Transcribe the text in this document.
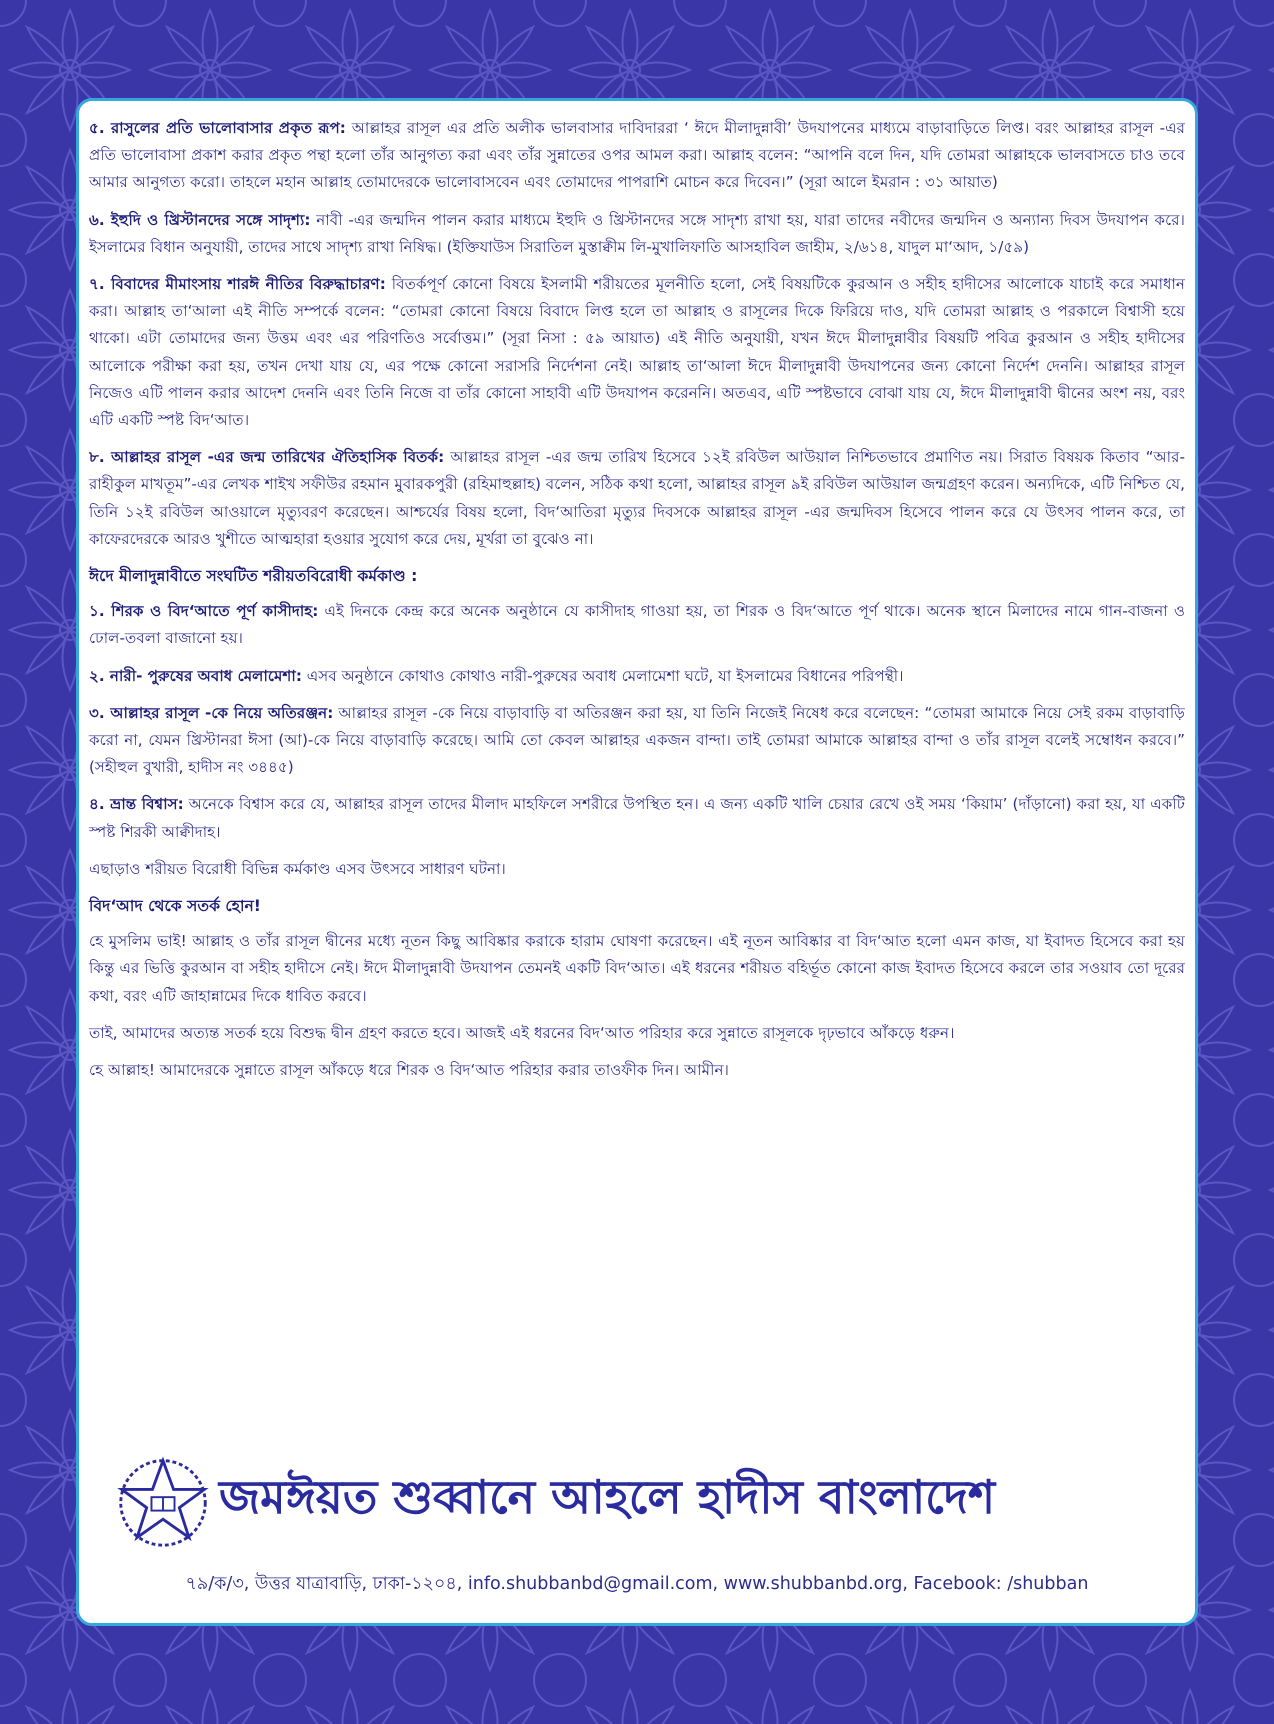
৫. রাসুলের প্রতি ভালোবাসার প্রকৃত রূপ: আল্লাহর রাসূল এর প্রতি অলীক ভালবাসার দাবিদাররা ‘ ঈদে মীলাদুন্নাবী’ উদযাপনের মাধ্যমে বাড়াবাড়িতে লিপ্ত। বরং আল্লাহর রাসূল -এর প্রতি ভালোবাসা প্রকাশ করার প্রকৃত পন্থা হলো তাঁর আনুগত্য করা এবং তাঁর সুন্নাতের ওপর আমল করা। আল্লাহ বলেন: “আপনি বলে দিন, যদি তোমরা আল্লাহকে ভালবাসতে চাও তবে আমার আনুগত্য করো। তাহলে মহান আল্লাহ তোমাদেরকে ভালোবাসবেন এবং তোমাদের পাপরাশি মোচন করে দিবেন।” (সূরা আলে ইমরান : ৩১ আয়াত)

৬. ইহুদি ও খ্রিস্টানদের সঙ্গে সাদৃশ্য: নাবী -এর জন্মদিন পালন করার মাধ্যমে ইহুদি ও খ্রিস্টানদের সঙ্গে সাদৃশ্য রাখা হয়, যারা তাদের নবীদের জন্মদিন ও অন্যান্য দিবস উদযাপন করে। ইসলামের বিধান অনুযায়ী, তাদের সাথে সাদৃশ্য রাখা নিষিদ্ধ। (ইক্তিযাউস সিরাতিল মুস্তাক্বীম লি-মুখালিফাতি আসহাবিল জাহীম, ২/৬১৪, যাদুল মা‘আদ, ১/৫৯)

৭. বিবাদের মীমাংসায় শারঈ নীতির বিরুদ্ধাচারণ: বিতর্কপূর্ণ কোনো বিষয়ে ইসলামী শরীয়তের মূলনীতি হলো, সেই বিষয়টিকে কুরআন ও সহীহ হাদীসের আলোকে যাচাই করে সমাধান করা। আল্লাহ তা‘আলা এই নীতি সম্পর্কে বলেন: “তোমরা কোনো বিষয়ে বিবাদে লিপ্ত হলে তা আল্লাহ ও রাসূলের দিকে ফিরিয়ে দাও, যদি তোমরা আল্লাহ ও পরকালে বিশ্বাসী হয়ে থাকো। এটা তোমাদের জন্য উত্তম এবং এর পরিণতিও সর্বোত্তম।” (সূরা নিসা : ৫৯ আয়াত) এই নীতি অনুযায়ী, যখন ঈদে মীলাদুন্নাবীর বিষয়টি পবিত্র কুরআন ও সহীহ হাদীসের আলোকে পরীক্ষা করা হয়, তখন দেখা যায় যে, এর পক্ষে কোনো সরাসরি নির্দেশনা নেই। আল্লাহ তা‘আলা ঈদে মীলাদুন্নাবী উদযাপনের জন্য কোনো নির্দেশ দেননি। আল্লাহর রাসূল নিজেও এটি পালন করার আদেশ দেননি এবং তিনি নিজে বা তাঁর কোনো সাহাবী এটি উদযাপন করেননি। অতএব, এটি স্পষ্টভাবে বোঝা যায় যে, ঈদে মীলাদুন্নাবী দ্বীনের অংশ নয়, বরং এটি একটি স্পষ্ট বিদ‘আত।

৮. আল্লাহর রাসূল -এর জন্ম তারিখের ঐতিহাসিক বিতর্ক: আল্লাহর রাসূল -এর জন্ম তারিখ হিসেবে ১২ই রবিউল আউয়াল নিশ্চিতভাবে প্রমাণিত নয়। সিরাত বিষয়ক কিতাব “আর-রাহীকুল মাখতূম”-এর লেখক শাইখ সফীউর রহমান মুবারকপুরী (রহিমাহুল্লাহ) বলেন, সঠিক কথা হলো, আল্লাহর রাসূল ৯ই রবিউল আউয়াল জন্মগ্রহণ করেন। অন্যদিকে, এটি নিশ্চিত যে, তিনি ১২ই রবিউল আওয়ালে মৃত্যুবরণ করেছেন। আশ্চর্যের বিষয় হলো, বিদ‘আতিরা মৃত্যুর দিবসকে আল্লাহর রাসূল -এর জন্মদিবস হিসেবে পালন করে যে উৎসব পালন করে, তা কাফেরদেরকে আরও খুশীতে আত্মহারা হওয়ার সুযোগ করে দেয়, মূর্খরা তা বুঝেও না।

ঈদে মীলাদুন্নাবীতে সংঘটিত শরীয়তবিরোধী কর্মকাণ্ড :

১. শিরক ও বিদ‘আতে পূর্ণ কাসীদাহ: এই দিনকে কেন্দ্র করে অনেক অনুষ্ঠানে যে কাসীদাহ গাওয়া হয়, তা শিরক ও বিদ‘আতে পূর্ণ থাকে। অনেক স্থানে মিলাদের নামে গান-বাজনা ও ঢোল-তবলা বাজানো হয়।

২. নারী- পুরুষের অবাধ মেলামেশা: এসব অনুষ্ঠানে কোথাও কোথাও নারী-পুরুষের অবাধ মেলামেশা ঘটে, যা ইসলামের বিধানের পরিপন্থী।

৩. আল্লাহর রাসূল -কে নিয়ে অতিরঞ্জন: আল্লাহর রাসূল -কে নিয়ে বাড়াবাড়ি বা অতিরঞ্জন করা হয়, যা তিনি নিজেই নিষেধ করে বলেছেন: “তোমরা আমাকে নিয়ে সেই রকম বাড়াবাড়ি করো না, যেমন খ্রিস্টানরা ঈসা (আ)-কে নিয়ে বাড়াবাড়ি করেছে। আমি তো কেবল আল্লাহর একজন বান্দা। তাই তোমরা আমাকে আল্লাহর বান্দা ও তাঁর রাসূল বলেই সম্বোধন করবে।” (সহীহুল বুখারী, হাদীস নং ৩৪৪৫)

৪. ভ্রান্ত বিশ্বাস: অনেকে বিশ্বাস করে যে, আল্লাহর রাসূল তাদের মীলাদ মাহফিলে সশরীরে উপস্থিত হন। এ জন্য একটি খালি চেয়ার রেখে ওই সময় ‘কিয়াম’ (দাঁড়ানো) করা হয়, যা একটি স্পষ্ট শিরকী আক্বীদাহ।

এছাড়াও শরীয়ত বিরোধী বিভিন্ন কর্মকাণ্ড এসব উৎসবে সাধারণ ঘটনা।

বিদ‘আদ থেকে সতর্ক হোন!

হে মুসলিম ভাই! আল্লাহ ও তাঁর রাসূল দ্বীনের মধ্যে নূতন কিছু আবিষ্কার করাকে হারাম ঘোষণা করেছেন। এই নূতন আবিষ্কার বা বিদ‘আত হলো এমন কাজ, যা ইবাদত হিসেবে করা হয় কিন্তু এর ভিত্তি কুরআন বা সহীহ হাদীসে নেই। ঈদে মীলাদুন্নাবী উদযাপন তেমনই একটি বিদ‘আত। এই ধরনের শরীয়ত বহির্ভূত কোনো কাজ ইবাদত হিসেবে করলে তার সওয়াব তো দূরের কথা, বরং এটি জাহান্নামের দিকে ধাবিত করবে।

তাই, আমাদের অত্যন্ত সতর্ক হয়ে বিশুদ্ধ দ্বীন গ্রহণ করতে হবে। আজই এই ধরনের বিদ‘আত পরিহার করে সুন্নাতে রাসূলকে দৃঢ়ভাবে আঁকড়ে ধরুন।

হে আল্লাহ! আমাদেরকে সুন্নাতে রাসূল আঁকড়ে ধরে শিরক ও বিদ‘আত পরিহার করার তাওফীক দিন। আমীন।

জমঈয়ত শুব্বানে আহলে হাদীস বাংলাদেশ
৭৯/ক/৩, উত্তর যাত্রাবাড়ি, ঢাকা-১২০৪, info.shubbanbd@gmail.com, www.shubbanbd.org, Facebook: /shubban
